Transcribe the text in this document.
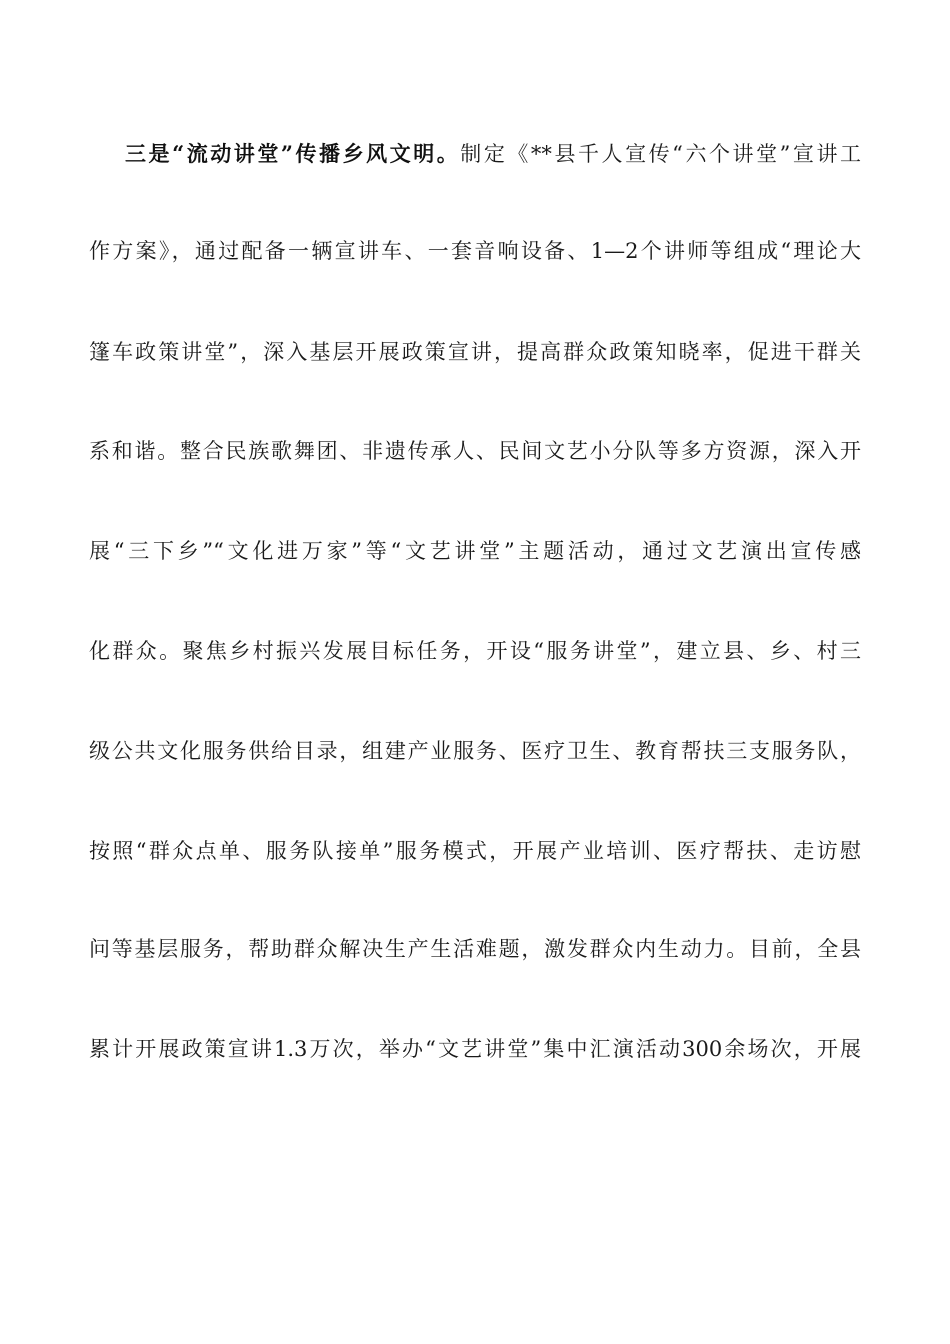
三是“流动讲堂”传播乡风文明。制定《**县千人宣传“六个讲堂”宣讲工
作方案》，通过配备一辆宣讲车、一套音响设备、1—2个讲师等组成“理论大
篷车政策讲堂”，深入基层开展政策宣讲，提高群众政策知晓率，促进干群关
系和谐。整合民族歌舞团、非遗传承人、民间文艺小分队等多方资源，深入开
展“三下乡”“文化进万家”等“文艺讲堂”主题活动，通过文艺演出宣传感
化群众。聚焦乡村振兴发展目标任务，开设“服务讲堂”，建立县、乡、村三
级公共文化服务供给目录，组建产业服务、医疗卫生、教育帮扶三支服务队，
按照“群众点单、服务队接单”服务模式，开展产业培训、医疗帮扶、走访慰
问等基层服务，帮助群众解决生产生活难题，激发群众内生动力。目前，全县
累计开展政策宣讲1.3万次，举办“文艺讲堂”集中汇演活动300余场次，开展
